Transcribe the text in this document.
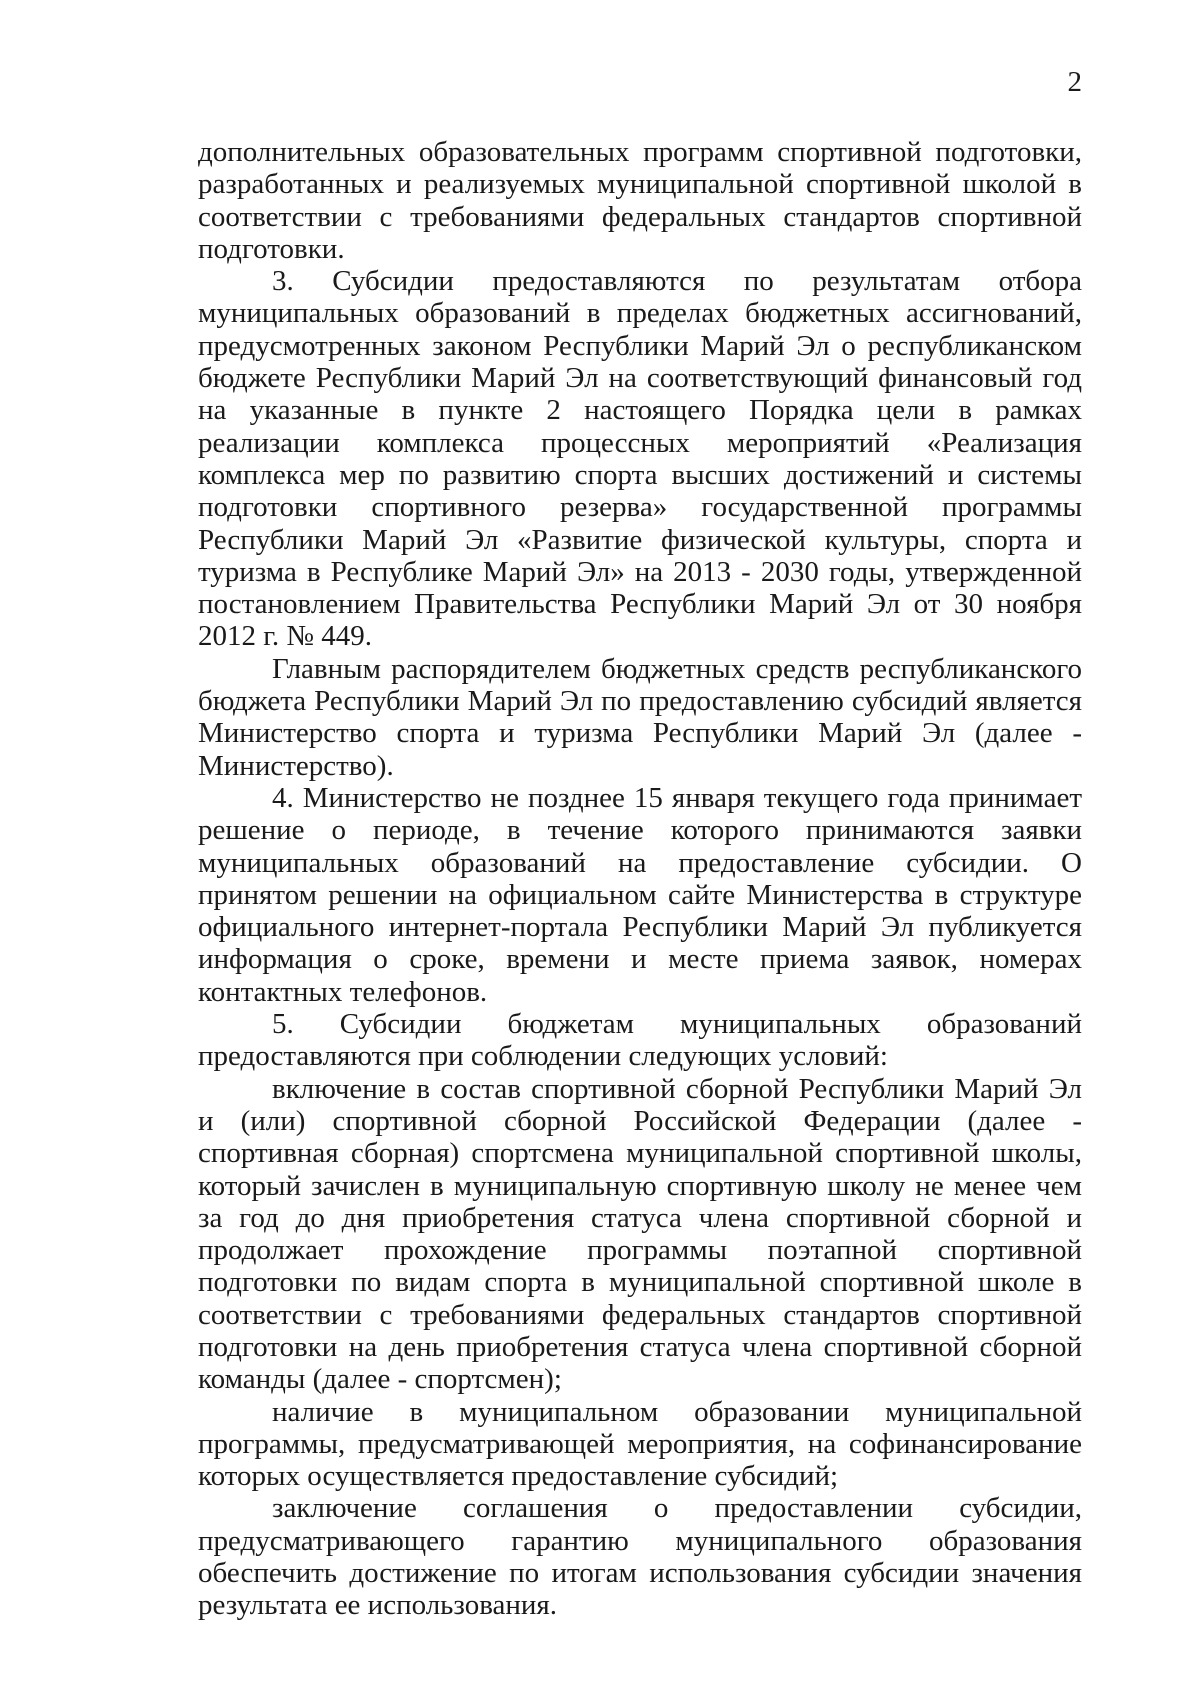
2

дополнительных образовательных программ спортивной подготовки, разработанных и реализуемых муниципальной спортивной школой в соответствии с требованиями федеральных стандартов спортивной подготовки.

3. Субсидии предоставляются по результатам отбора муниципальных образований в пределах бюджетных ассигнований, предусмотренных законом Республики Марий Эл о республиканском бюджете Республики Марий Эл на соответствующий финансовый год на указанные в пункте 2 настоящего Порядка цели в рамках реализации комплекса процессных мероприятий «Реализация комплекса мер по развитию спорта высших достижений и системы подготовки спортивного резерва» государственной программы Республики Марий Эл «Развитие физической культуры, спорта и туризма в Республике Марий Эл» на 2013 - 2030 годы, утвержденной постановлением Правительства Республики Марий Эл от 30 ноября 2012 г. № 449.

Главным распорядителем бюджетных средств республиканского бюджета Республики Марий Эл по предоставлению субсидий является Министерство спорта и туризма Республики Марий Эл (далее - Министерство).

4. Министерство не позднее 15 января текущего года принимает решение о периоде, в течение которого принимаются заявки муниципальных образований на предоставление субсидии. О принятом решении на официальном сайте Министерства в структуре официального интернет-портала Республики Марий Эл публикуется информация о сроке, времени и месте приема заявок, номерах контактных телефонов.

5. Субсидии бюджетам муниципальных образований предоставляются при соблюдении следующих условий:

включение в состав спортивной сборной Республики Марий Эл и (или) спортивной сборной Российской Федерации (далее - спортивная сборная) спортсмена муниципальной спортивной школы, который зачислен в муниципальную спортивную школу не менее чем за год до дня приобретения статуса члена спортивной сборной и продолжает прохождение программы поэтапной спортивной подготовки по видам спорта в муниципальной спортивной школе в соответствии с требованиями федеральных стандартов спортивной подготовки на день приобретения статуса члена спортивной сборной команды (далее - спортсмен);

наличие в муниципальном образовании муниципальной программы, предусматривающей мероприятия, на софинансирование которых осуществляется предоставление субсидий;

заключение соглашения о предоставлении субсидии, предусматривающего гарантию муниципального образования обеспечить достижение по итогам использования субсидии значения результата ее использования.
